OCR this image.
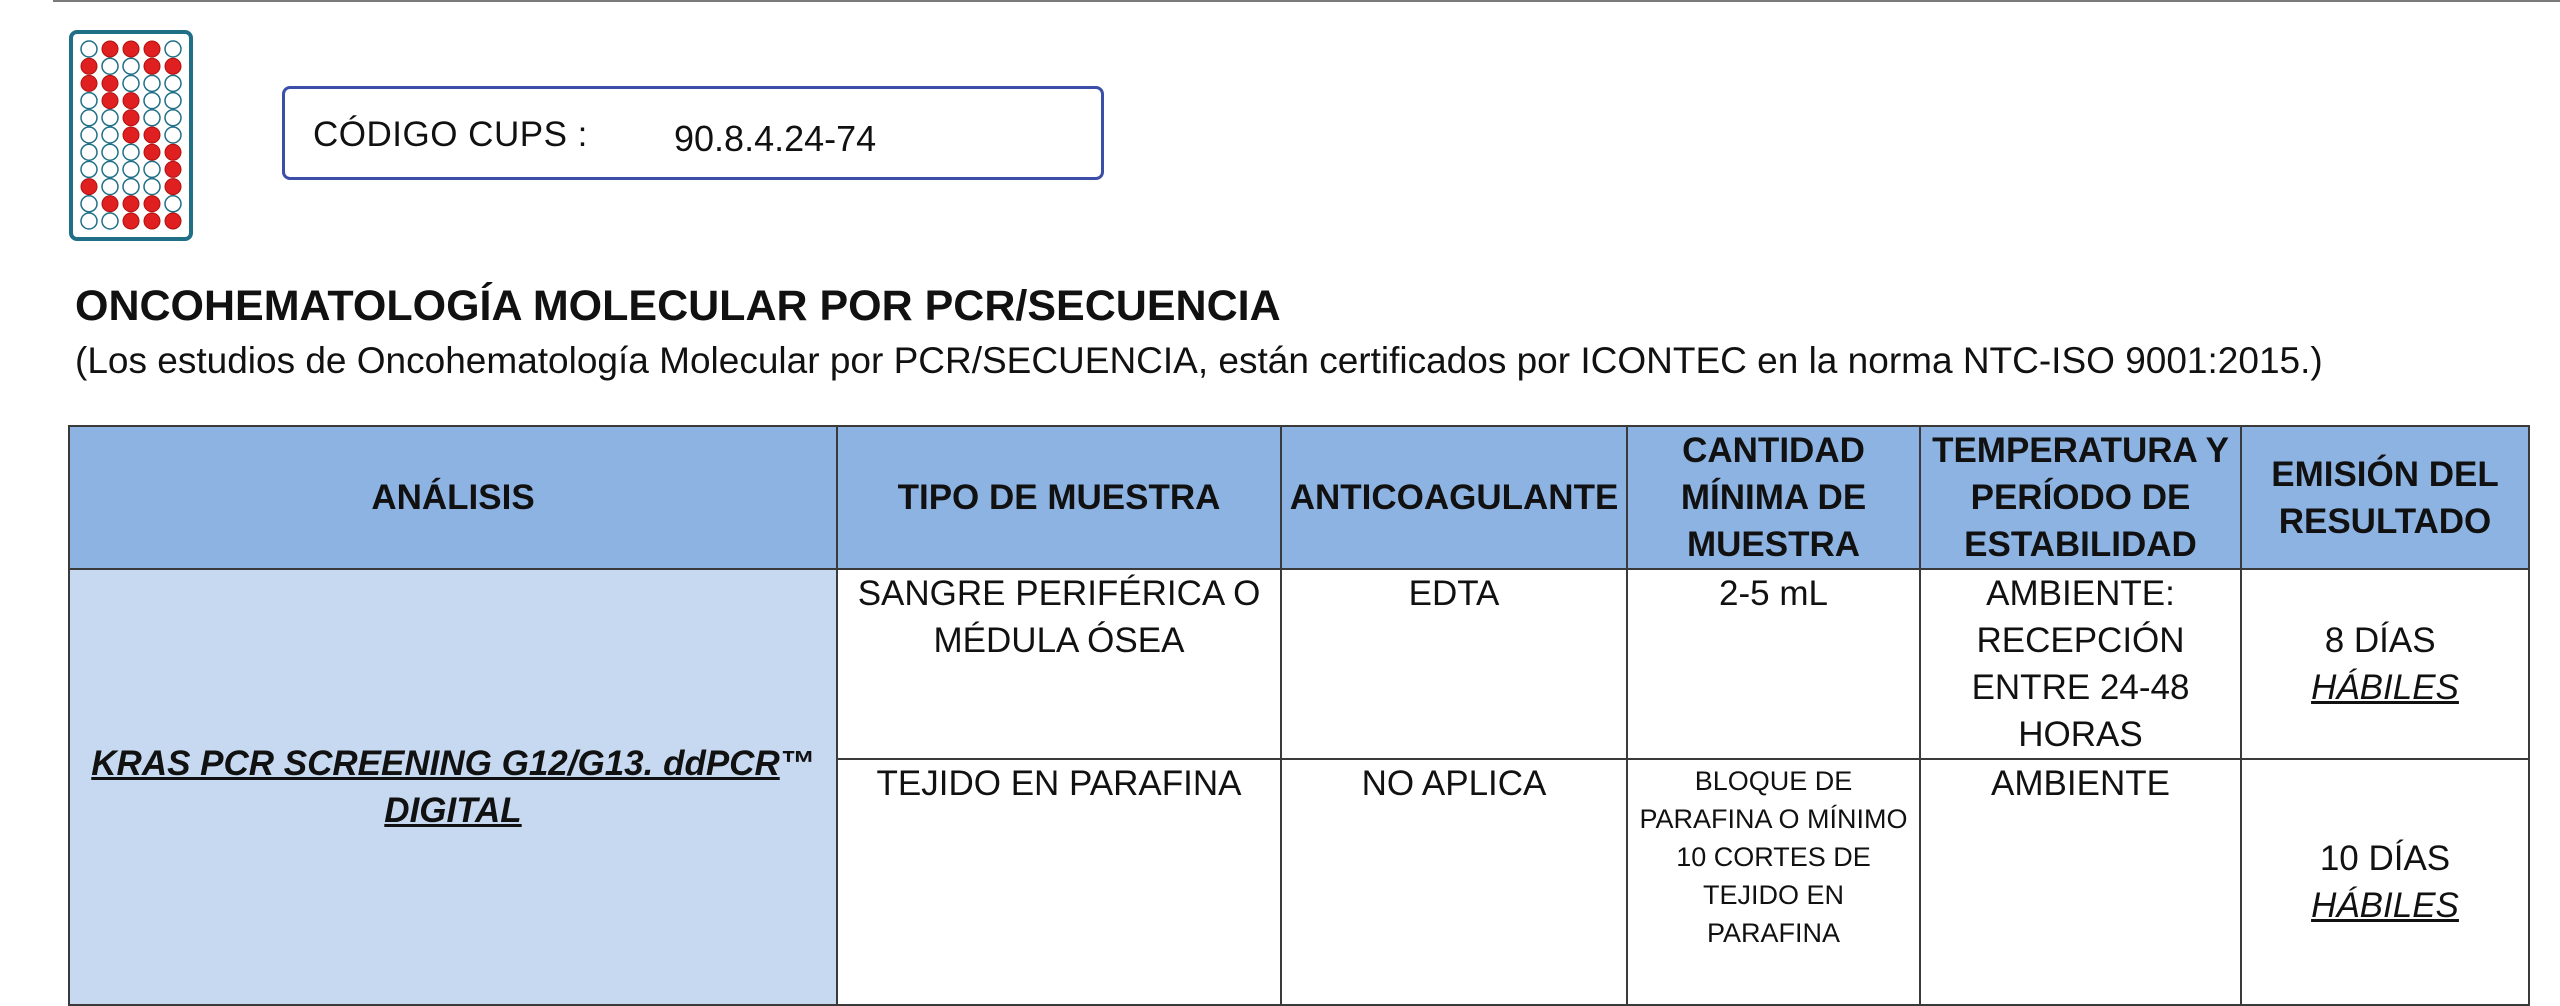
CÓDIGO CUPS : 90.8.4.24-74
ONCOHEMATOLOGÍA MOLECULAR POR PCR/SECUENCIA
(Los estudios de Oncohematología Molecular por PCR/SECUENCIA, están certificados por ICONTEC en la norma NTC-ISO 9001:2015.)
ANÁLISIS	TIPO DE MUESTRA	ANTICOAGULANTE	CANTIDAD MÍNIMA DE MUESTRA	TEMPERATURA Y PERÍODO DE ESTABILIDAD	EMISIÓN DEL RESULTADO
KRAS PCR SCREENING G12/G13. ddPCR™
DIGITAL	SANGRE PERIFÉRICA O MÉDULA ÓSEA	EDTA	2-5 mL	AMBIENTE: RECEPCIÓN ENTRE 24-48 HORAS	8 DÍAS  HÁBILES
	TEJIDO EN PARAFINA	NO APLICA	BLOQUE DE PARAFINA O MÍNIMO 10 CORTES DE TEJIDO EN PARAFINA	AMBIENTE	10 DÍAS HÁBILES
